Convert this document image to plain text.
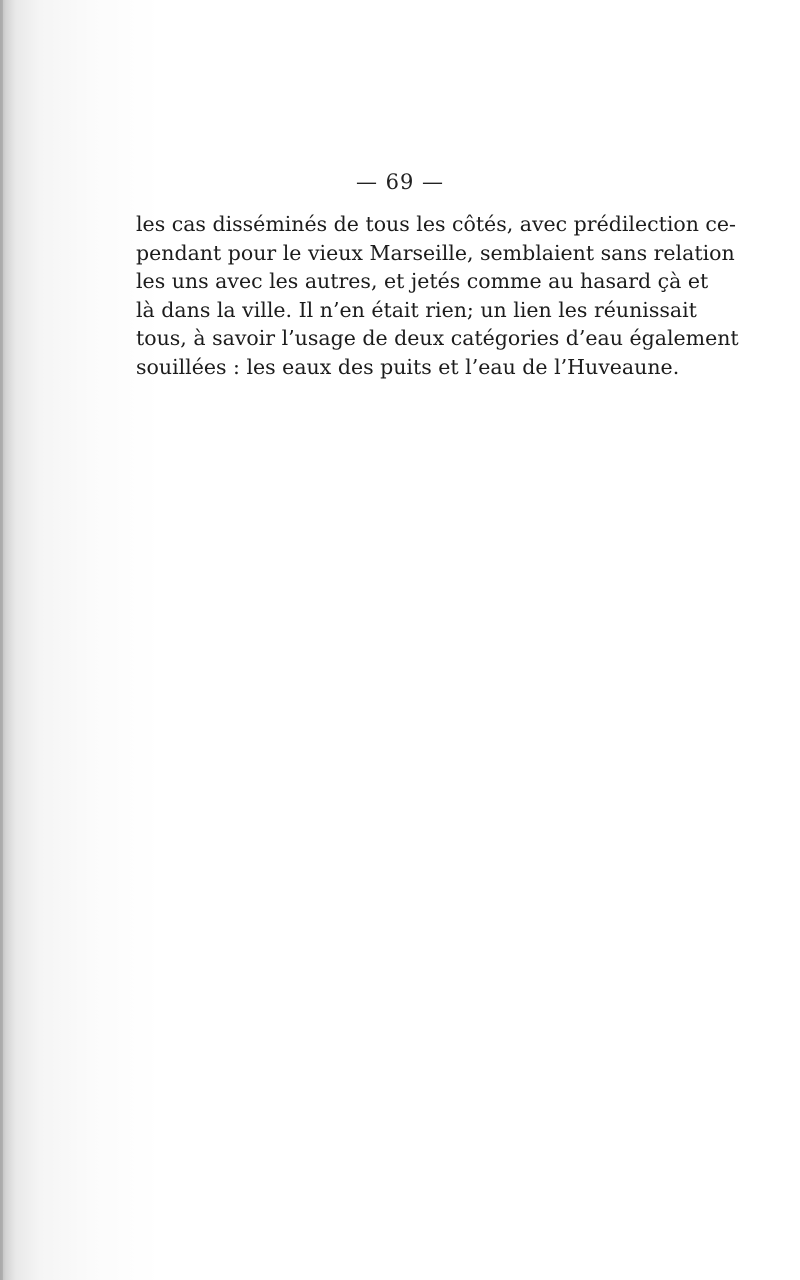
— 69 —
les cas disséminés de tous les côtés, avec prédilection ce-
pendant pour le vieux Marseille, semblaient sans relation
les uns avec les autres, et jetés comme au hasard çà et
là dans la ville. Il n’en était rien; un lien les réunissait
tous, à savoir l’usage de deux catégories d’eau également
souillées : les eaux des puits et l’eau de l’Huveaune.
